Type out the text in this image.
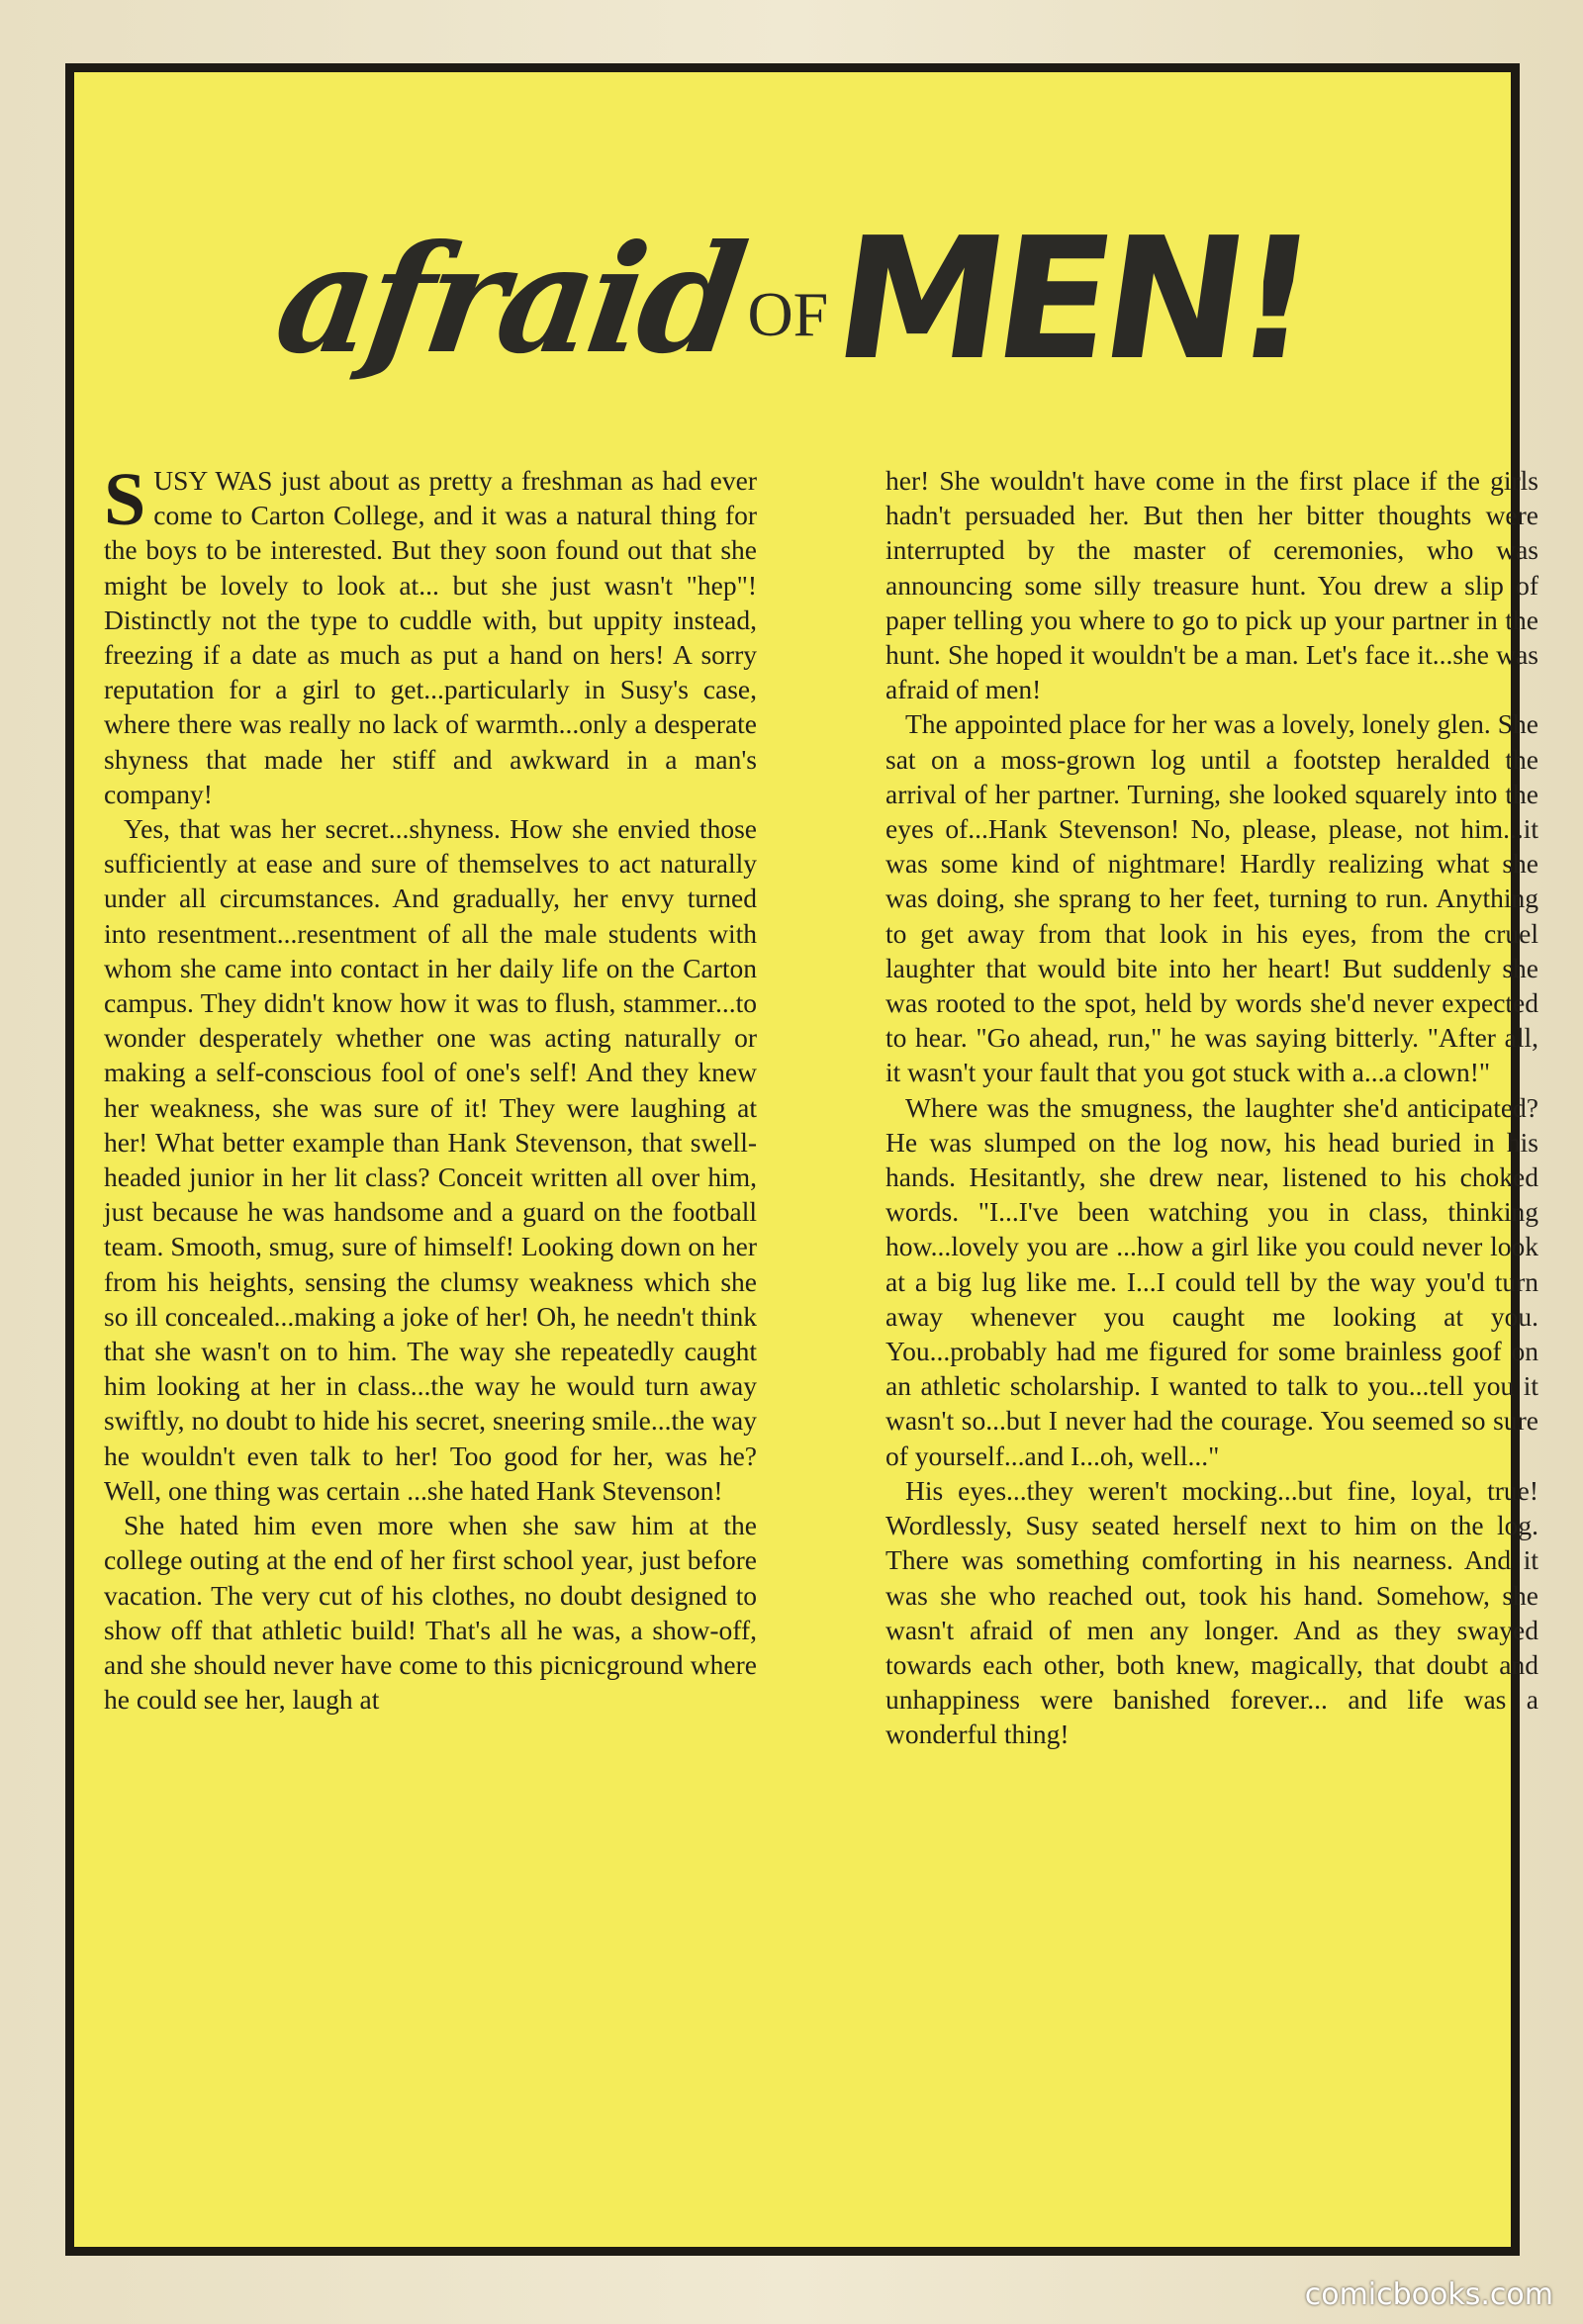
afraid
OF
MEN!

SUSY WAS just about as pretty a freshman as had ever come to Carton College, and it was a natural thing for the boys to be interested. But they soon found out that she might be lovely to look at... but she just wasn't "hep"! Distinctly not the type to cuddle with, but uppity instead, freezing if a date as much as put a hand on hers! A sorry reputation for a girl to get...particularly in Susy's case, where there was really no lack of warmth...only a desperate shyness that made her stiff and awkward in a man's company!

Yes, that was her secret...shyness. How she envied those sufficiently at ease and sure of themselves to act naturally under all circumstances. And gradually, her envy turned into resentment...resentment of all the male students with whom she came into contact in her daily life on the Carton campus. They didn't know how it was to flush, stammer...to wonder desperately whether one was acting naturally or making a self-conscious fool of one's self! And they knew her weakness, she was sure of it! They were laughing at her! What better example than Hank Stevenson, that swell-headed junior in her lit class? Conceit written all over him, just because he was handsome and a guard on the football team. Smooth, smug, sure of himself! Looking down on her from his heights, sensing the clumsy weakness which she so ill concealed...making a joke of her! Oh, he needn't think that she wasn't on to him. The way she repeatedly caught him looking at her in class...the way he would turn away swiftly, no doubt to hide his secret, sneering smile...the way he wouldn't even talk to her! Too good for her, was he? Well, one thing was certain ...she hated Hank Stevenson!

She hated him even more when she saw him at the college outing at the end of her first school year, just before vacation. The very cut of his clothes, no doubt designed to show off that athletic build! That's all he was, a show-off, and she should never have come to this picnicground where he could see her, laugh at

her! She wouldn't have come in the first place if the girls hadn't persuaded her. But then her bitter thoughts were interrupted by the master of ceremonies, who was announcing some silly treasure hunt. You drew a slip of paper telling you where to go to pick up your partner in the hunt. She hoped it wouldn't be a man. Let's face it...she was afraid of men!

The appointed place for her was a lovely, lonely glen. She sat on a moss-grown log until a footstep heralded the arrival of her partner. Turning, she looked squarely into the eyes of...Hank Stevenson! No, please, please, not him...it was some kind of nightmare! Hardly realizing what she was doing, she sprang to her feet, turning to run. Anything to get away from that look in his eyes, from the cruel laughter that would bite into her heart! But suddenly she was rooted to the spot, held by words she'd never expected to hear. "Go ahead, run," he was saying bitterly. "After all, it wasn't your fault that you got stuck with a...a clown!"

Where was the smugness, the laughter she'd anticipated? He was slumped on the log now, his head buried in his hands. Hesitantly, she drew near, listened to his choked words. "I...I've been watching you in class, thinking how...lovely you are ...how a girl like you could never look at a big lug like me. I...I could tell by the way you'd turn away whenever you caught me looking at you. You...probably had me figured for some brainless goof on an athletic scholarship. I wanted to talk to you...tell you it wasn't so...but I never had the courage. You seemed so sure of yourself...and I...oh, well..."

His eyes...they weren't mocking...but fine, loyal, true! Wordlessly, Susy seated herself next to him on the log. There was something comforting in his nearness. And it was she who reached out, took his hand. Somehow, she wasn't afraid of men any longer. And as they swayed towards each other, both knew, magically, that doubt and unhappiness were banished forever... and life was a wonderful thing!

comicbooks.com
